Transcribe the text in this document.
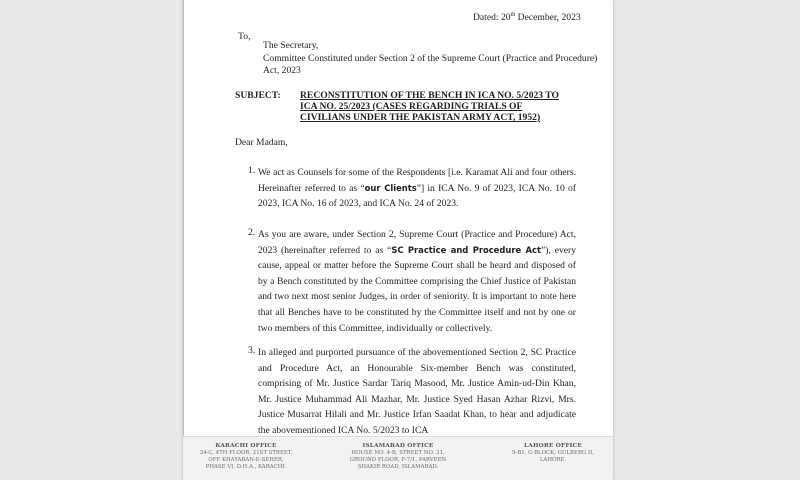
Dated: 20th December, 2023
To,
The Secretary,
Committee Constituted under Section 2 of the Supreme Court (Practice and Procedure)
Act, 2023
SUBJECT: RECONSTITUTION OF THE BENCH IN ICA NO. 5/2023 TO ICA NO. 25/2023 (CASES REGARDING TRIALS OF CIVILIANS UNDER THE PAKISTAN ARMY ACT, 1952)
Dear Madam,
1. We act as Counsels for some of the Respondents [i.e. Karamat Ali and four others. Hereinafter referred to as “our Clients”] in ICA No. 9 of 2023, ICA No. 10 of 2023, ICA No. 16 of 2023, and ICA No. 24 of 2023.
2. As you are aware, under Section 2, Supreme Court (Practice and Procedure) Act, 2023 (hereinafter referred to as “SC Practice and Procedure Act”), every cause, appeal or matter before the Supreme Court shall be heard and disposed of by a Bench constituted by the Committee comprising the Chief Justice of Pakistan and two next most senior Judges, in order of seniority. It is important to note here that all Benches have to be constituted by the Committee itself and not by one or two members of this Committee, individually or collectively.
3. In alleged and purported pursuance of the abovementioned Section 2, SC Practice and Procedure Act, an Honourable Six-member Bench was constituted, comprising of Mr. Justice Sardar Tariq Masood, Mr. Justice Amin-ud-Din Khan, Mr. Justice Muhammad Ali Mazhar, Mr. Justice Syed Hasan Azhar Rizvi, Mrs. Justice Musarrat Hilali and Mr. Justice Irfan Saadat Khan, to hear and adjudicate the abovementioned ICA No. 5/2023 to ICA
KARACHI OFFICE
34-C, 4TH FLOOR, 21ST STREET,
OFF KHAYABAN-E-SEHER,
PHASE VI, D.H.A., KARACHI.
ISLAMABAD OFFICE
HOUSE NO. 4-B, STREET NO. 31,
GROUND FLOOR, F-7/1, PARVEEN
SHAKIR ROAD, ISLAMABAD.
LAHORE OFFICE
9-B1, G BLOCK, GULBERG II,
LAHORE.
